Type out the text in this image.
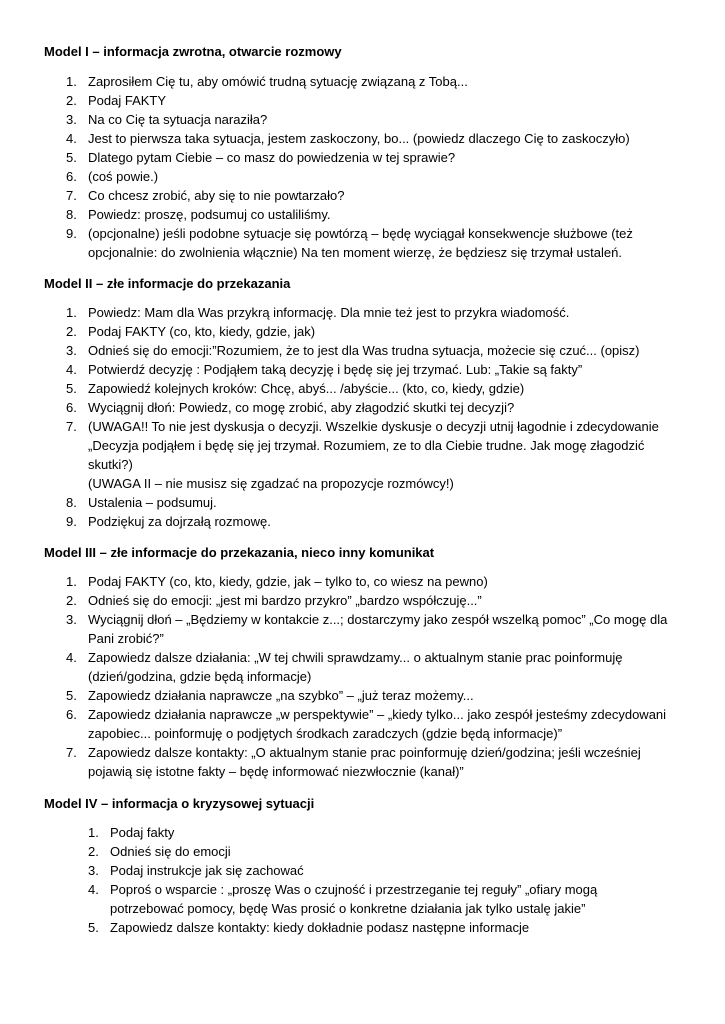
Model I – informacja zwrotna, otwarcie rozmowy
1. Zaprosiłem Cię tu, aby omówić trudną sytuację związaną z Tobą...
2. Podaj FAKTY
3. Na co Cię ta sytuacja naraziła?
4. Jest to pierwsza taka sytuacja, jestem zaskoczony, bo... (powiedz dlaczego Cię to zaskoczyło)
5. Dlatego pytam Ciebie – co masz do powiedzenia w tej sprawie?
6. (coś powie.)
7. Co chcesz zrobić, aby się to nie powtarzało?
8. Powiedz: proszę, podsumuj co ustaliliśmy.
9. (opcjonalne) jeśli podobne sytuacje się powtórzą – będę wyciągał konsekwencje służbowe (też opcjonalnie: do zwolnienia włącznie) Na ten moment wierzę, że będziesz się trzymał ustaleń.
Model II – złe informacje do przekazania
1. Powiedz: Mam dla Was przykrą informację. Dla mnie też jest to przykra wiadomość.
2. Podaj FAKTY (co, kto, kiedy, gdzie, jak)
3. Odnieś się do emocji:”Rozumiem, że to jest dla Was trudna sytuacja, możecie się czuć... (opisz)
4. Potwierdź decyzję : Podjąłem taką decyzję i będę się jej trzymać. Lub: „Takie są fakty”
5. Zapowiedź kolejnych kroków: Chcę, abyś... /abyście... (kto, co, kiedy, gdzie)
6. Wyciągnij dłoń: Powiedz, co mogę zrobić, aby złagodzić skutki tej decyzji?
7. (UWAGA!! To nie jest dyskusja o decyzji. Wszelkie dyskusje o decyzji utnij łagodnie i zdecydowanie „Decyzja podjąłem i będę się jej trzymał. Rozumiem, ze to dla Ciebie trudne. Jak mogę złagodzić skutki?)
(UWAGA II – nie musisz się zgadzać na propozycje rozmówcy!)
8. Ustalenia – podsumuj.
9. Podziękuj za dojrzałą rozmowę.
Model III – złe informacje do przekazania, nieco inny komunikat
1. Podaj FAKTY (co, kto, kiedy, gdzie, jak – tylko to, co wiesz na pewno)
2. Odnieś się do emocji: „jest mi bardzo przykro” „bardzo współczuję...”
3. Wyciągnij dłoń – „Będziemy w kontakcie z...; dostarczymy jako zespół wszelką pomoc” „Co mogę dla Pani zrobić?”
4. Zapowiedz dalsze działania: „W tej chwili sprawdzamy... o aktualnym stanie prac poinformuję (dzień/godzina, gdzie będą informacje)
5. Zapowiedz działania naprawcze „na szybko” – „już teraz możemy...
6. Zapowiedz działania naprawcze „w perspektywie” – „kiedy tylko... jako zespół jesteśmy zdecydowani zapobiec... poinformuję o podjętych środkach zaradczych (gdzie będą informacje)”
7. Zapowiedz dalsze kontakty: „O aktualnym stanie prac poinformuję dzień/godzina; jeśli wcześniej pojawią się istotne fakty – będę informować niezwłocznie (kanał)”
Model IV – informacja o kryzysowej sytuacji
1. Podaj fakty
2. Odnieś się do emocji
3. Podaj instrukcje jak się zachować
4. Poproś o wsparcie : „proszę Was o czujność i przestrzeganie tej reguły” „ofiary mogą potrzebować pomocy, będę Was prosić o konkretne działania jak tylko ustalę jakie”
5. Zapowiedz dalsze kontakty: kiedy dokładnie podasz następne informacje
